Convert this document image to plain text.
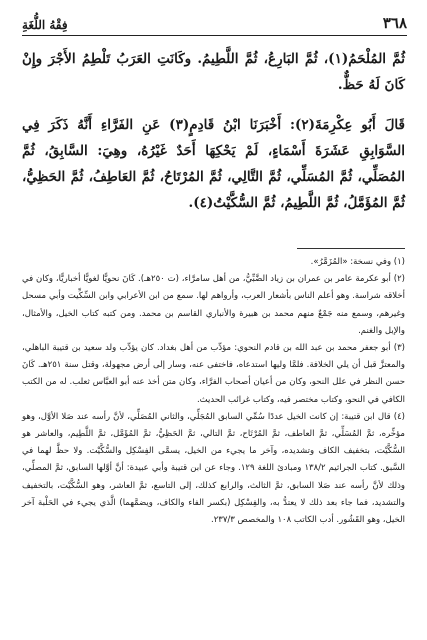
٣٦٨
فِقْهُ اللُّغَةِ

ثُمَّ المُلْحَمُ(١)، ثُمَّ البَارِعُ، ثُمَّ اللَّطِيمُ. وكَانَتِ العَرَبُ تَلْطِمُ الأَجْرَ وإِنْ كَانَ لَهُ حَظٌّ.

قَالَ أَبُو عِكْرِمَةَ(٢): أَخْبَرَنَا ابْنُ قَادِمٍ(٣) عَنِ الفَرَّاءِ أَنَّهُ ذَكَرَ فِي السَّوَابِقِ عَشَرَةَ أَسْمَاءٍ، لَمْ يَحْكِهَا أَحَدٌ غَيْرُهُ، وهِيَ: السَّابِقُ، ثُمَّ المُصَلِّي، ثُمَّ المُسَلِّي، ثُمَّ التَّالِي، ثُمَّ المُرْتَاحُ، ثُمَّ العَاطِفُ، ثُمَّ الحَظِيُّ، ثُمَّ المُؤَمَّلُ، ثُمَّ اللَّطِيمُ، ثُمَّ السُّكَّيْتُ(٤).

(١) وفي نسخة: «المُزَمَّرُ».

(٢) أبو عكرمة عامر بن عمران بن زياد الضَّبِّيُّ، من أهل سامرَّاء، (ت ٢٥٠هـ). كَانَ نحويًّا لغويًّا أخباريًّا، وكان في أخلاقه شراسة. وهو أعلم الناس بأشعار العرب، وأرواهم لها. سمع من ابن الأعرابي وابن السِّكِّيت وأبي مسحل وغيرهم، وسمع منه جَمْعٌ منهم محمد بن هبيرة والأنباري القاسم بن محمد. ومن كتبه كتاب الخيل، والأمثال، والإبل والغنم.

(٣) أبو جعفر محمد بن عبد الله بن قادم النحوي: مؤدِّب من أهل بغداد. كان يؤدِّب ولد سعيد بن قتيبة الباهلي، والمعتزَّ قبل أن يلي الخلافة. فلمَّا وليها استدعاه، فاختفى عنه، وسار إلى أرض مجهولة، وقتل سنة ٢٥١هـ. كَانَ حسن النظر في علل النحو، وكان من أعيان أصحاب الفرَّاء، وكان متن أخذ عنه أبو العبَّاس ثعلب. له من الكتب الكافي في النحو، وكتاب مختصر فيه، وكتاب غرائب الحديث.

(٤) قال ابن قتيبة: إن كانت الخيل عددًا سُمِّي السابق المُجَلِّي، والثاني المُصَلِّي، لأنَّ رأسه عند صَلا الأوَّل، وهو مؤخِّره، ثمَّ المُسَلِّي، ثمَّ العاطف، ثمَّ المُرْتَاح، ثمَّ التالي، ثمَّ الحَظِيُّ، ثمَّ المُؤَمَّل، ثمَّ اللَّطِيم، والعاشر هو السُّكَّيْت، بتخفيف الكاف وتشديده، وآخر ما يجيء من الخيل، يسمَّى الفِسْكِل والسُّكَّيْت. ولا حظَّ لهما في السَّبق. كتاب الجراثيم ١٣٨/٢ ومبادئ اللغة ١٢٩. وجاء عن ابن قتيبة وأبي عبيدة: أنَّ أوَّلها السابق، ثمَّ المصلِّي، وذلك لأنَّ رأسه عند صَلا السابق، ثمَّ الثالث، والرابع كذلك، إلى التاسع، ثمَّ العاشر، وهو السُّكَّيْت، بالتخفيف والتشديد، فما جاء بعد ذلك لا يعتدُّ به، والفِسْكِل (بكسر الفاء والكاف، ويضمَّهما) الَّذي يجيء في الحَلْبة آخر الخيل، وهو القَشُور. أدب الكاتب ١٠٨ والمخصص ٢٣٧/٣.
